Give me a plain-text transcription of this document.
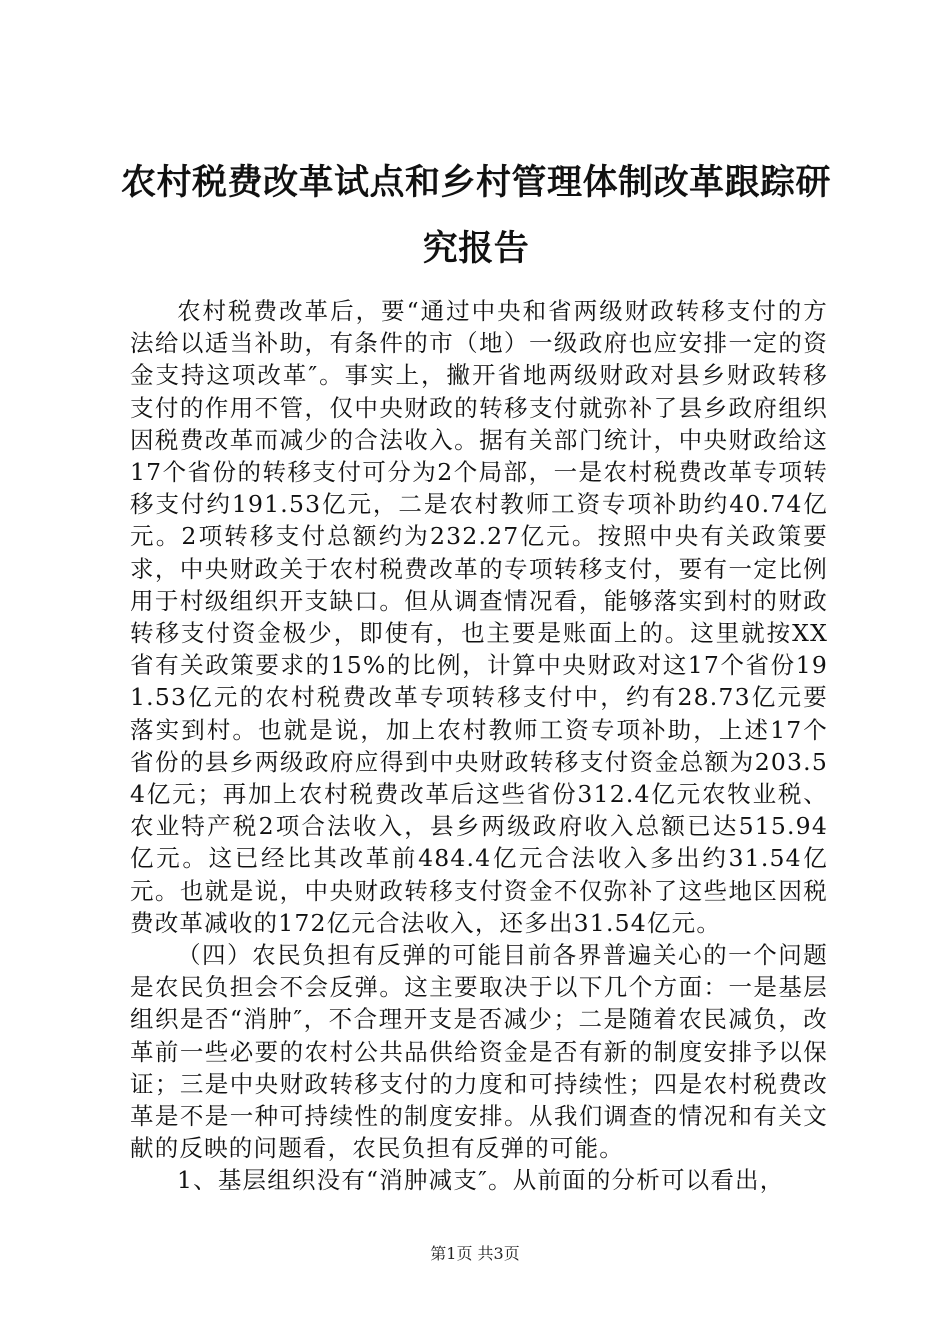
农村税费改革试点和乡村管理体制改革跟踪研究报告

农村税费改革后，要“通过中央和省两级财政转移支付的方法给以适当补助，有条件的市（地）一级政府也应安排一定的资金支持这项改革″。事实上，撇开省地两级财政对县乡财政转移支付的作用不管，仅中央财政的转移支付就弥补了县乡政府组织因税费改革而减少的合法收入。据有关部门统计，中央财政给这17个省份的转移支付可分为2个局部，一是农村税费改革专项转移支付约191.53亿元，二是农村教师工资专项补助约40.74亿元。2项转移支付总额约为232.27亿元。按照中央有关政策要求，中央财政关于农村税费改革的专项转移支付，要有一定比例用于村级组织开支缺口。但从调查情况看，能够落实到村的财政转移支付资金极少，即使有，也主要是账面上的。这里就按XX省有关政策要求的15%的比例，计算中央财政对这17个省份191.53亿元的农村税费改革专项转移支付中，约有28.73亿元要落实到村。也就是说，加上农村教师工资专项补助，上述17个省份的县乡两级政府应得到中央财政转移支付资金总额为203.54亿元；再加上农村税费改革后这些省份312.4亿元农牧业税、农业特产税2项合法收入，县乡两级政府收入总额已达515.94亿元。这已经比其改革前484.4亿元合法收入多出约31.54亿元。也就是说，中央财政转移支付资金不仅弥补了这些地区因税费改革减收的172亿元合法收入，还多出31.54亿元。

（四）农民负担有反弹的可能目前各界普遍关心的一个问题是农民负担会不会反弹。这主要取决于以下几个方面：一是基层组织是否“消肿″，不合理开支是否减少；二是随着农民减负，改革前一些必要的农村公共品供给资金是否有新的制度安排予以保证；三是中央财政转移支付的力度和可持续性；四是农村税费改革是不是一种可持续性的制度安排。从我们调查的情况和有关文献的反映的问题看，农民负担有反弹的可能。

1、基层组织没有“消肿减支″。从前面的分析可以看出，

第1页 共3页
